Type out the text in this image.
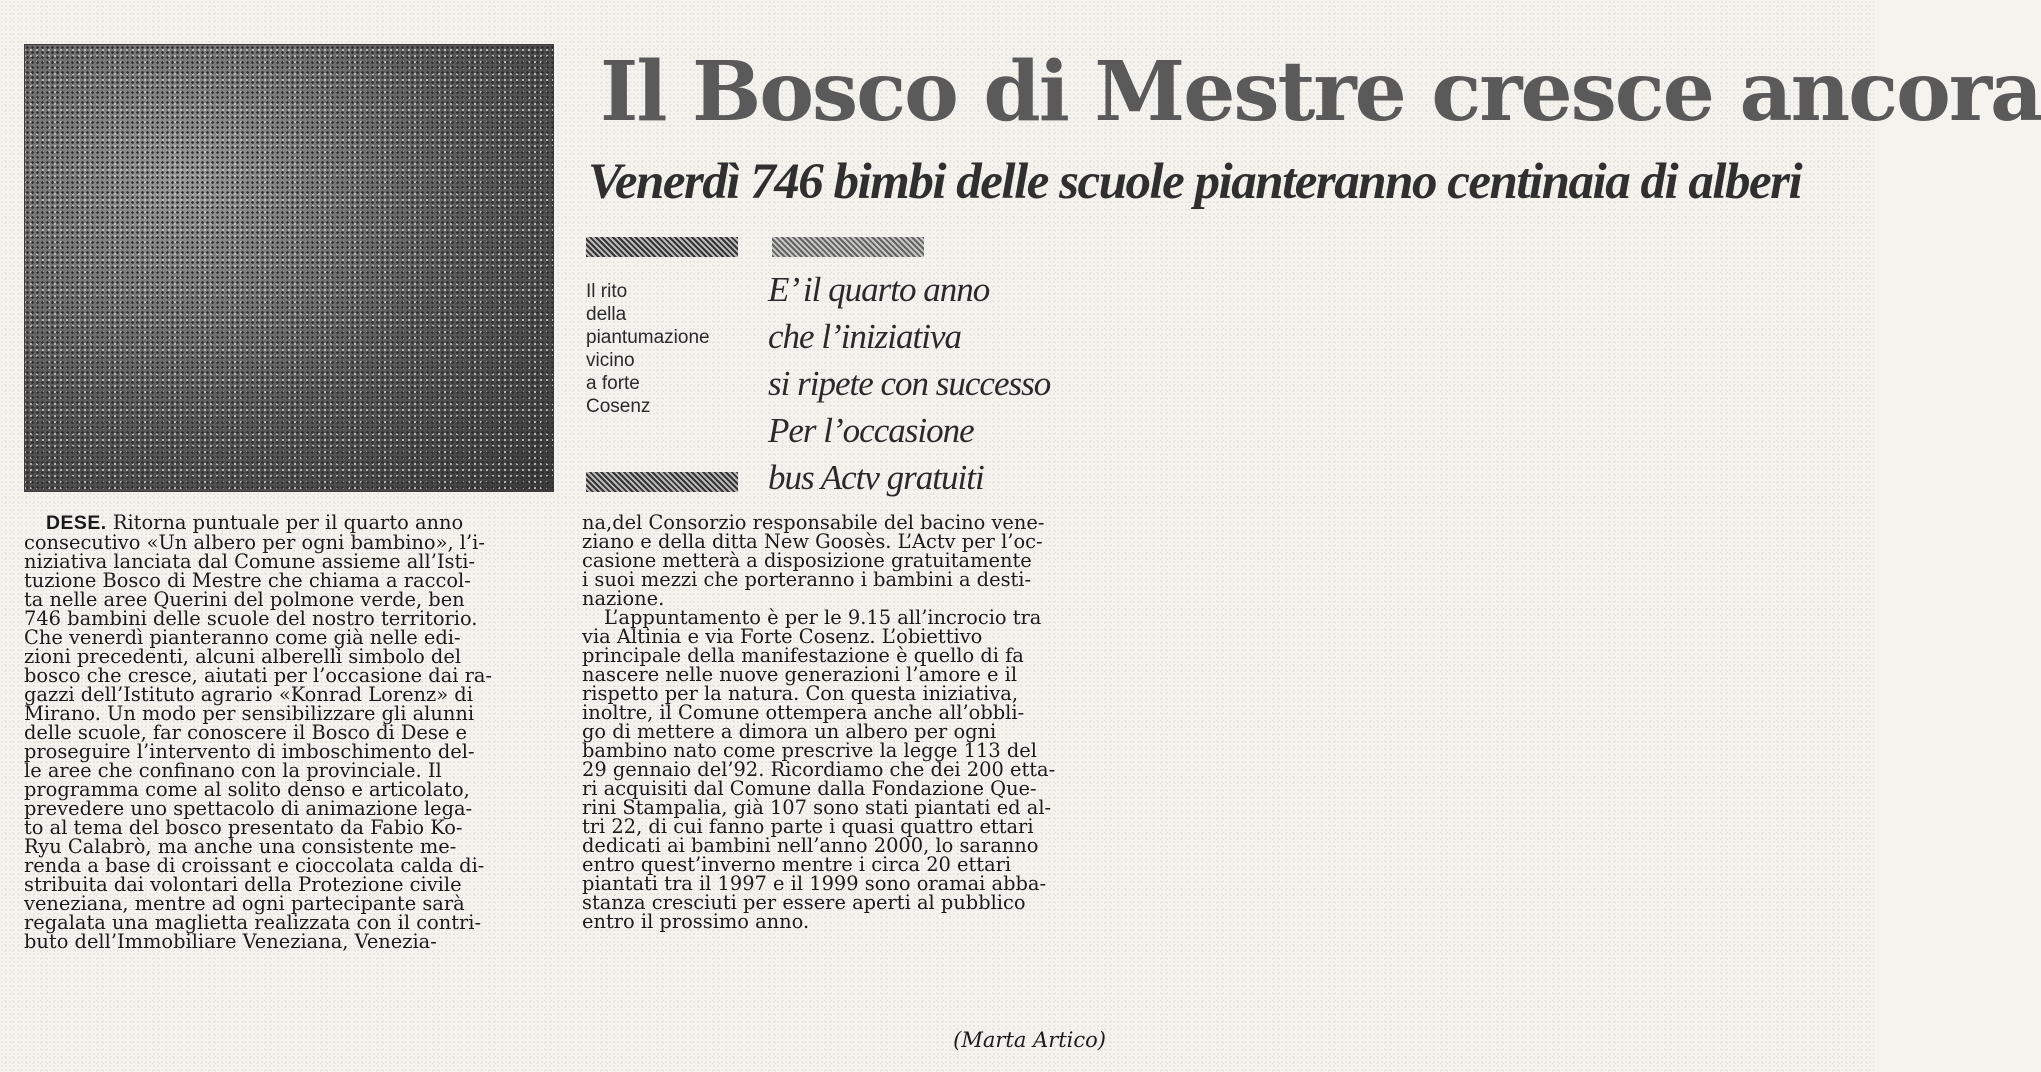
Il Bosco di Mestre cresce ancora
Venerdì 746 bimbi delle scuole pianteranno centinaia di alberi
Il rito
della
piantumazione
vicino
a forte
Cosenz
E’ il quarto anno
che l’iniziativa
si ripete con successo
Per l’occasione
bus Actv gratuiti
DESE. Ritorna puntuale per il quarto anno
consecutivo «Un albero per ogni bambino», l’i-
niziativa lanciata dal Comune assieme all’Isti-
tuzione Bosco di Mestre che chiama a raccol-
ta nelle aree Querini del polmone verde, ben
746 bambini delle scuole del nostro territorio.
Che venerdì pianteranno come già nelle edi-
zioni precedenti, alcuni alberelli simbolo del
bosco che cresce, aiutati per l’occasione dai ra-
gazzi dell’Istituto agrario «Konrad Lorenz» di
Mirano. Un modo per sensibilizzare gli alunni
delle scuole, far conoscere il Bosco di Dese e
proseguire l’intervento di imboschimento del-
le aree che confinano con la provinciale. Il
programma come al solito denso e articolato,
prevedere uno spettacolo di animazione lega-
to al tema del bosco presentato da Fabio Ko-
Ryu Calabrò, ma anche una consistente me-
renda a base di croissant e cioccolata calda di-
stribuita dai volontari della Protezione civile
veneziana, mentre ad ogni partecipante sarà
regalata una maglietta realizzata con il contri-
buto dell’Immobiliare Veneziana, Venezia-
na,del Consorzio responsabile del bacino vene-
ziano e della ditta New Goosès. L’Actv per l’oc-
casione metterà a disposizione gratuitamente
i suoi mezzi che porteranno i bambini a desti-
nazione.
L’appuntamento è per le 9.15 all’incrocio tra
via Altinia e via Forte Cosenz. L’obiettivo
principale della manifestazione è quello di fa
nascere nelle nuove generazioni l’amore e il
rispetto per la natura. Con questa iniziativa,
inoltre, il Comune ottempera anche all’obbli-
go di mettere a dimora un albero per ogni
bambino nato come prescrive la legge 113 del
29 gennaio del’92. Ricordiamo che dei 200 etta-
ri acquisiti dal Comune dalla Fondazione Que-
rini Stampalia, già 107 sono stati piantati ed al-
tri 22, di cui fanno parte i quasi quattro ettari
dedicati ai bambini nell’anno 2000, lo saranno
entro quest’inverno mentre i circa 20 ettari
piantati tra il 1997 e il 1999 sono oramai abba-
stanza cresciuti per essere aperti al pubblico
entro il prossimo anno.
(Marta Artico)
